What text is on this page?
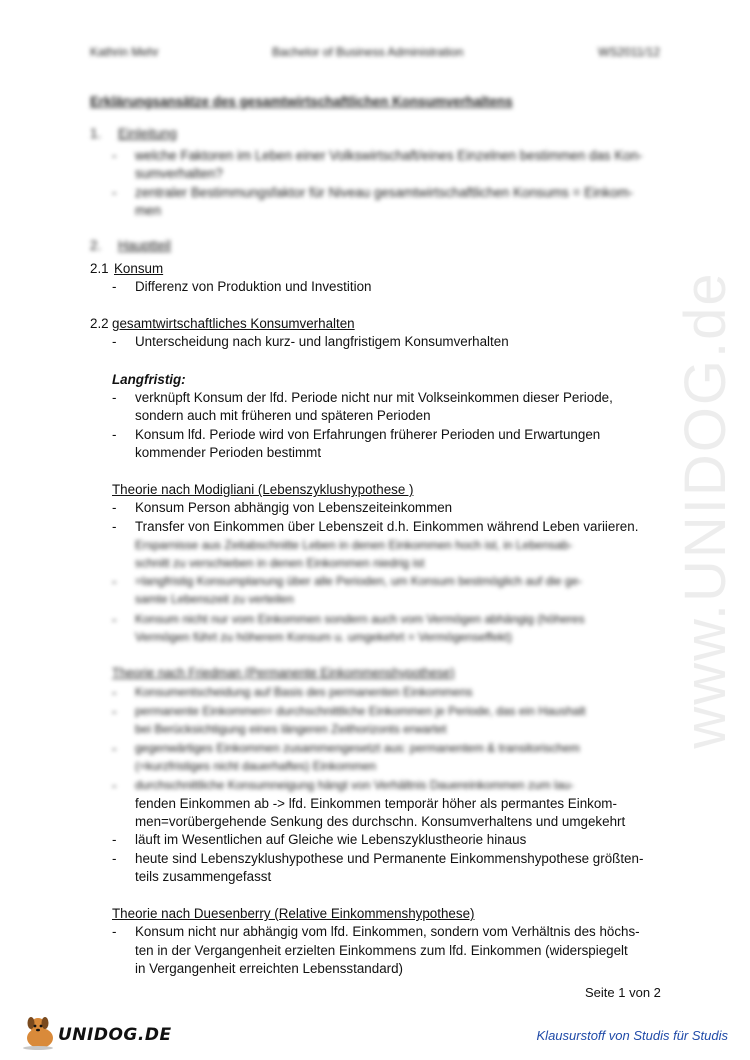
Kathrin Mehr	Bachelor of Business Administration	WS2011/12
Erklärungsansätze des gesamtwirtschaftlichen Konsumverhaltens
1. Einleitung
-	welche Faktoren im Leben einer Volkswirtschaft/eines Einzelnen bestimmen das Kon-
sumverhalten?
-	zentraler Bestimmungsfaktor für Niveau gesamtwirtschaftlichen Konsums = Einkom-
men
2. Hauptteil
2.1 Konsum
-	Differenz von Produktion und Investition
2.2 gesamtwirtschaftliches Konsumverhalten
-	Unterscheidung nach kurz- und langfristigem Konsumverhalten
Langfristig:
-	verknüpft Konsum der lfd. Periode nicht nur mit Volkseinkommen dieser Periode,
sondern auch mit früheren und späteren Perioden
-	Konsum lfd. Periode wird von Erfahrungen früherer Perioden und Erwartungen
kommender Perioden bestimmt
Theorie nach Modigliani (Lebenszyklushypothese )
-	Konsum Person abhängig von Lebenszeiteinkommen
-	Transfer von Einkommen über Lebenszeit d.h. Einkommen während Leben variieren.
Ersparnisse aus Zeitabschnitte Leben in denen Einkommen hoch ist, in Lebensab-
schnitt zu verschieben in denen Einkommen niedrig ist
-	=langfristig Konsumplanung über alle Perioden, um Konsum bestmöglich auf die ge-
samte Lebenszeit zu verteilen
-	Konsum nicht nur vom Einkommen sondern auch vom Vermögen abhängig (höheres
Vermögen führt zu höherem Konsum u. umgekehrt = Vermögenseffekt)
Theorie nach Friedman (Permanente Einkommenshypothese)
-	Konsumentscheidung auf Basis des permanenten Einkommens
-	permanente Einkommen= durchschnittliche Einkommen je Periode, das ein Haushalt
bei Berücksichtigung eines längeren Zeithorizonts erwartet
-	gegenwärtiges Einkommen zusammengesetzt aus: permanentem & transitorischem
(=kurzfristiges nicht dauerhaftes) Einkommen
-	durchschnittliche Konsumneigung hängt von Verhältnis Dauereinkommen zum lau-
fenden Einkommen ab -> lfd. Einkommen temporär höher als permantes Einkom-
men=vorübergehende Senkung des durchschn. Konsumverhaltens und umgekehrt
-	läuft im Wesentlichen auf Gleiche wie Lebenszyklustheorie hinaus
-	heute sind Lebenszyklushypothese und Permanente Einkommenshypothese größten-
teils zusammengefasst
Theorie nach Duesenberry (Relative Einkommenshypothese)
-	Konsum nicht nur abhängig vom lfd. Einkommen, sondern vom Verhältnis des höchs-
ten in der Vergangenheit erzielten Einkommens zum lfd. Einkommen (widerspiegelt
in Vergangenheit erreichten Lebensstandard)
Seite 1 von 2
www.UNIDOG.de
UNIDOG.DE	Klausurstoff von Studis für Studis
